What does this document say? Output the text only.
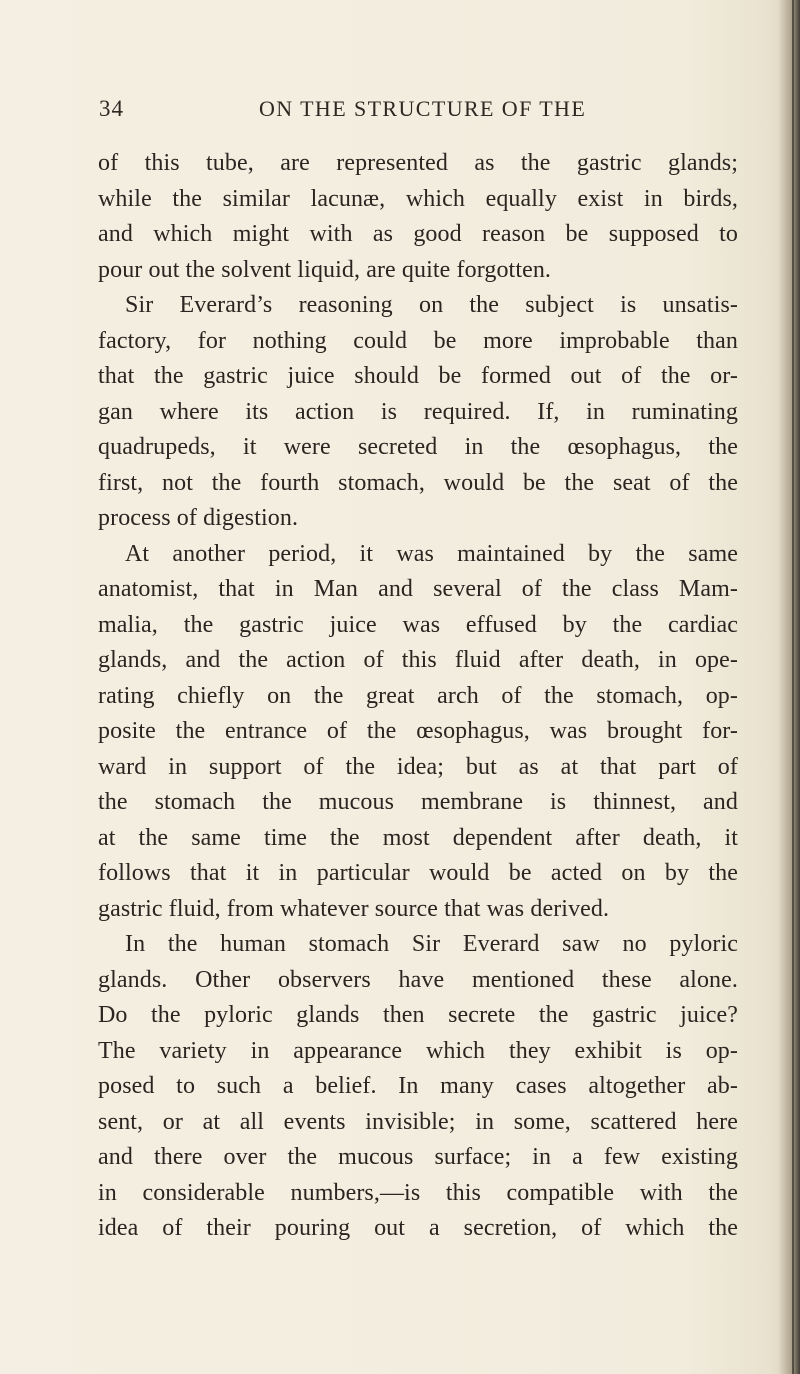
34	ON THE STRUCTURE OF THE
of this tube, are represented as the gastric glands;
while the similar lacunæ, which equally exist in birds,
and which might with as good reason be supposed to
pour out the solvent liquid, are quite forgotten.
Sir Everard’s reasoning on the subject is unsatis-
factory, for nothing could be more improbable than
that the gastric juice should be formed out of the or-
gan where its action is required. If, in ruminating
quadrupeds, it were secreted in the œsophagus, the
first, not the fourth stomach, would be the seat of the
process of digestion.
At another period, it was maintained by the same
anatomist, that in Man and several of the class Mam-
malia, the gastric juice was effused by the cardiac
glands, and the action of this fluid after death, in ope-
rating chiefly on the great arch of the stomach, op-
posite the entrance of the œsophagus, was brought for-
ward in support of the idea; but as at that part of
the stomach the mucous membrane is thinnest, and
at the same time the most dependent after death, it
follows that it in particular would be acted on by the
gastric fluid, from whatever source that was derived.
In the human stomach Sir Everard saw no pyloric
glands. Other observers have mentioned these alone.
Do the pyloric glands then secrete the gastric juice?
The variety in appearance which they exhibit is op-
posed to such a belief. In many cases altogether ab-
sent, or at all events invisible; in some, scattered here
and there over the mucous surface; in a few existing
in considerable numbers,—is this compatible with the
idea of their pouring out a secretion, of which the
